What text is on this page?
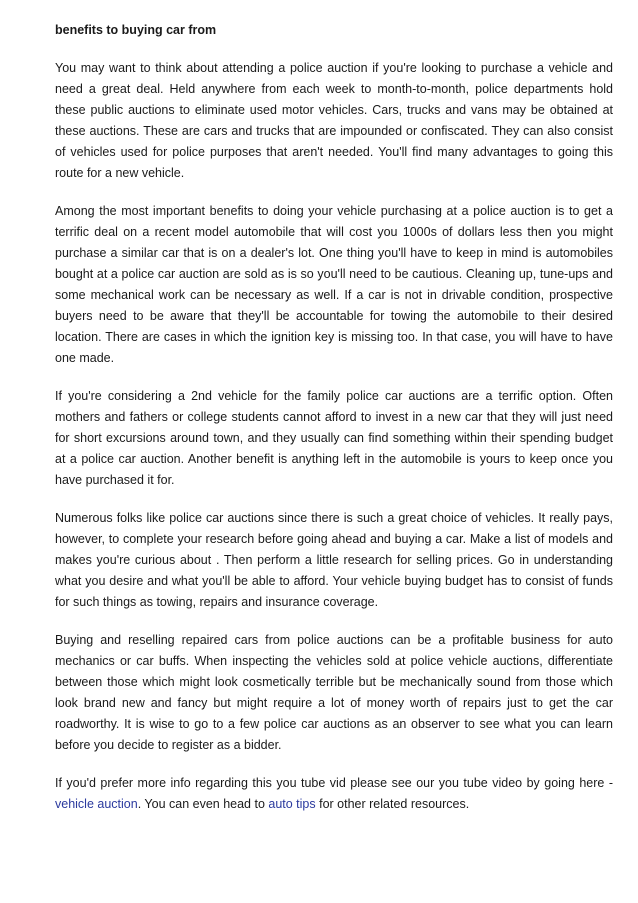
benefits to buying car from

You may want to think about attending a police auction if you're looking to purchase a vehicle and need a great deal. Held anywhere from each week to month-to-month, police departments hold these public auctions to eliminate used motor vehicles. Cars, trucks and vans may be obtained at these auctions. These are cars and trucks that are impounded or confiscated. They can also consist of vehicles used for police purposes that aren't needed. You'll find many advantages to going this route for a new vehicle.

Among the most important benefits to doing your vehicle purchasing at a police auction is to get a terrific deal on a recent model automobile that will cost you 1000s of dollars less then you might purchase a similar car that is on a dealer's lot. One thing you'll have to keep in mind is automobiles bought at a police car auction are sold as is so you'll need to be cautious. Cleaning up, tune-ups and some mechanical work can be necessary as well. If a car is not in drivable condition, prospective buyers need to be aware that they'll be accountable for towing the automobile to their desired location. There are cases in which the ignition key is missing too. In that case, you will have to have one made.

If you're considering a 2nd vehicle for the family police car auctions are a terrific option. Often mothers and fathers or college students cannot afford to invest in a new car that they will just need for short excursions around town, and they usually can find something within their spending budget at a police car auction. Another benefit is anything left in the automobile is yours to keep once you have purchased it for.

Numerous folks like police car auctions since there is such a great choice of vehicles. It really pays, however, to complete your research before going ahead and buying a car. Make a list of models and makes you're curious about . Then perform a little research for selling prices. Go in understanding what you desire and what you'll be able to afford. Your vehicle buying budget has to consist of funds for such things as towing, repairs and insurance coverage.

Buying and reselling repaired cars from police auctions can be a profitable business for auto mechanics or car buffs. When inspecting the vehicles sold at police vehicle auctions, differentiate between those which might look cosmetically terrible but be mechanically sound from those which look brand new and fancy but might require a lot of money worth of repairs just to get the car roadworthy. It is wise to go to a few police car auctions as an observer to see what you can learn before you decide to register as a bidder.

If you'd prefer more info regarding this you tube vid please see our you tube video by going here - vehicle auction. You can even head to auto tips for other related resources.
